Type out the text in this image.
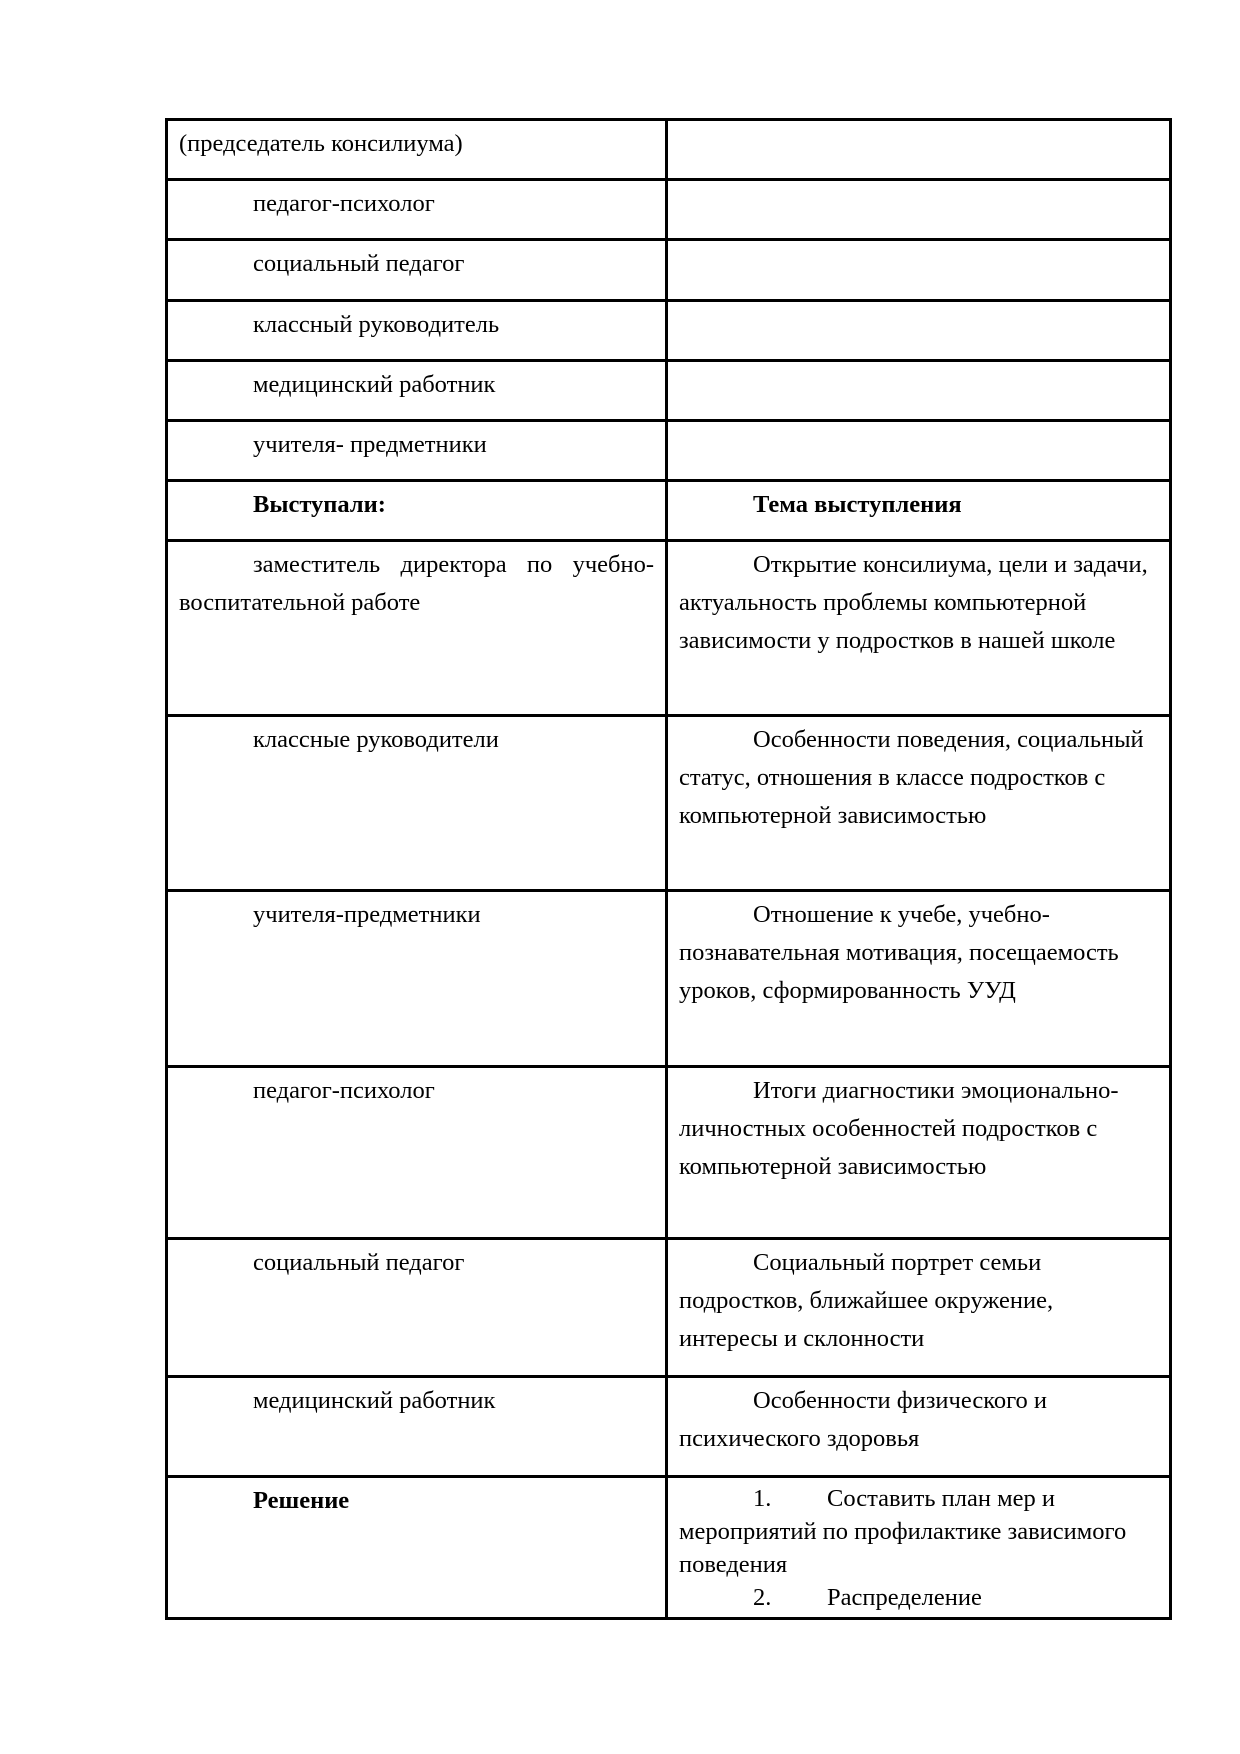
(председатель консилиума)	

педагог-психолог	

социальный педагог	

классный руководитель	

медицинский работник	

учителя- предметники	

Выступали:	Тема выступления

заместитель директора по учебно-воспитательной работе	Открытие консилиума, цели и задачи, актуальность проблемы компьютерной зависимости у подростков в нашей школе

классные руководители	Особенности поведения, социальный статус, отношения в классе подростков с компьютерной зависимостью

учителя-предметники	Отношение к учебе, учебно-познавательная мотивация, посещаемость уроков, сформированность УУД

педагог-психолог	Итоги диагностики эмоционально-личностных особенностей подростков с компьютерной зависимостью

социальный педагог	Социальный портрет семьи подростков, ближайшее окружение, интересы и склонности

медицинский работник	Особенности физического и психического здоровья

Решение	1. Составить план мер и мероприятий по профилактике зависимого поведения
2. Распределение
